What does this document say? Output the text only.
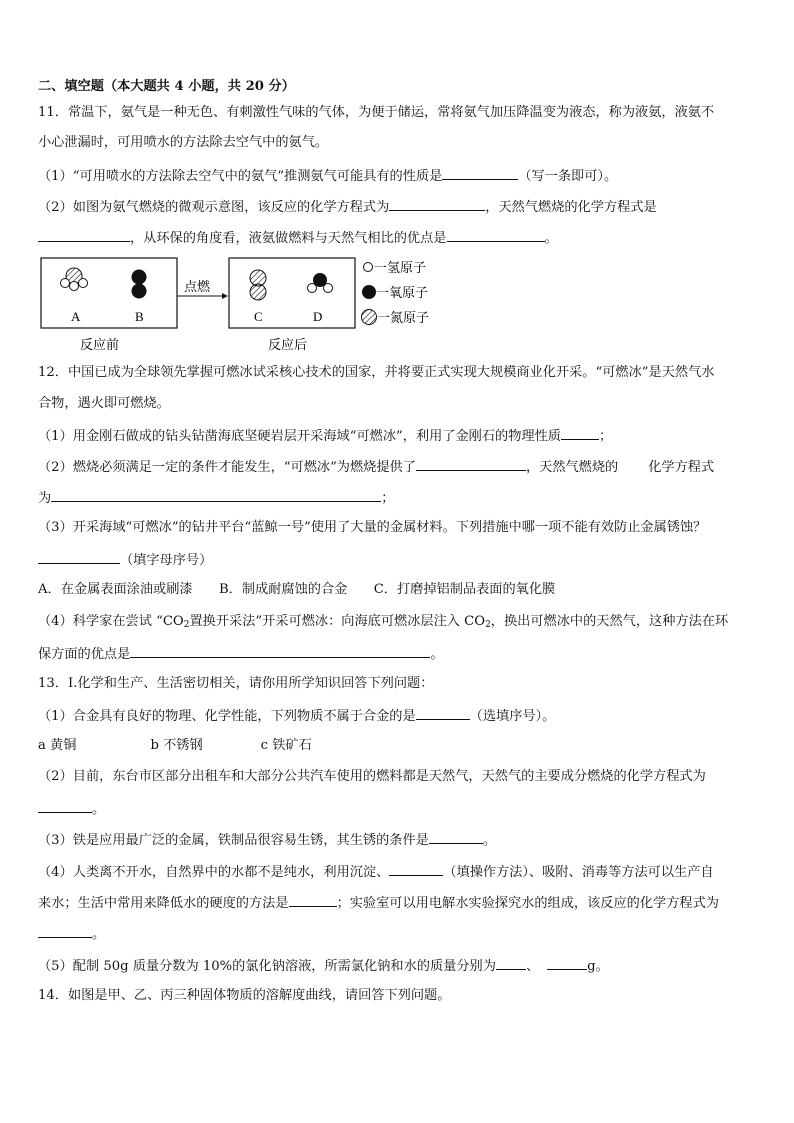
二、填空题（本大题共 4 小题，共 20 分）
11．常温下，氨气是一种无色、有刺激性气味的气体，为便于储运，常将氨气加压降温变为液态，称为液氨，液氨不
小心泄漏时，可用喷水的方法除去空气中的氨气。
（1）“可用喷水的方法除去空气中的氨气”推测氨气可能具有的性质是	（写一条即可）。
（2）如图为氨气燃烧的微观示意图，该反应的化学方程式为	，天然气燃烧的化学方程式是
，从环保的角度看，液氨做燃料与天然气相比的优点是	。
A	B
点燃
C	D
一氢原子
一氧原子
一氮原子
反应前	反应后
12．中国已成为全球领先掌握可燃冰试采核心技术的国家，并将要正式实现大规模商业化开采。“可燃冰”是天然气水
合物，遇火即可燃烧。
（1）用金刚石做成的钻头钻凿海底坚硬岩层开采海域“可燃冰”，利用了金刚石的物理性质	；
（2）燃烧必须满足一定的条件才能发生，“可燃冰”为燃烧提供了	，天然气燃烧的 化学方程式
为	；
（3）开采海域“可燃冰”的钻井平台“蓝鲸一号”使用了大量的金属材料。下列措施中哪一项不能有效防止金属锈蚀？
（填字母序号）
A．在金属表面涂油或刷漆　　B．制成耐腐蚀的合金　　C．打磨掉铝制品表面的氧化膜
（4）科学家在尝试 “$CO_2$置换开采法”开采可燃冰：向海底可燃冰层注入 $CO_2$，换出可燃冰中的天然气，这种方法在环
保方面的优点是	。
13．Ⅰ.化学和生产、生活密切相关，请你用所学知识回答下列问题：
（1）合金具有良好的物理、化学性能，下列物质不属于合金的是	（选填序号）。
a 黄铜	b 不锈钢	c 铁矿石
（2）目前，东台市区部分出租车和大部分公共汽车使用的燃料都是天然气，天然气的主要成分燃烧的化学方程式为
。
（3）铁是应用最广泛的金属，铁制品很容易生锈，其生锈的条件是	。
（4）人类离不开水，自然界中的水都不是纯水，利用沉淀、	（填操作方法）、吸附、消毒等方法可以生产自
来水；生活中常用来降低水的硬度的方法是	；实验室可以用电解水实验探究水的组成，该反应的化学方程式为
。
（5）配制 50g 质量分数为 10%的氯化钠溶液，所需氯化钠和水的质量分别为 、	g。
14．如图是甲、乙、丙三种固体物质的溶解度曲线，请回答下列问题。
